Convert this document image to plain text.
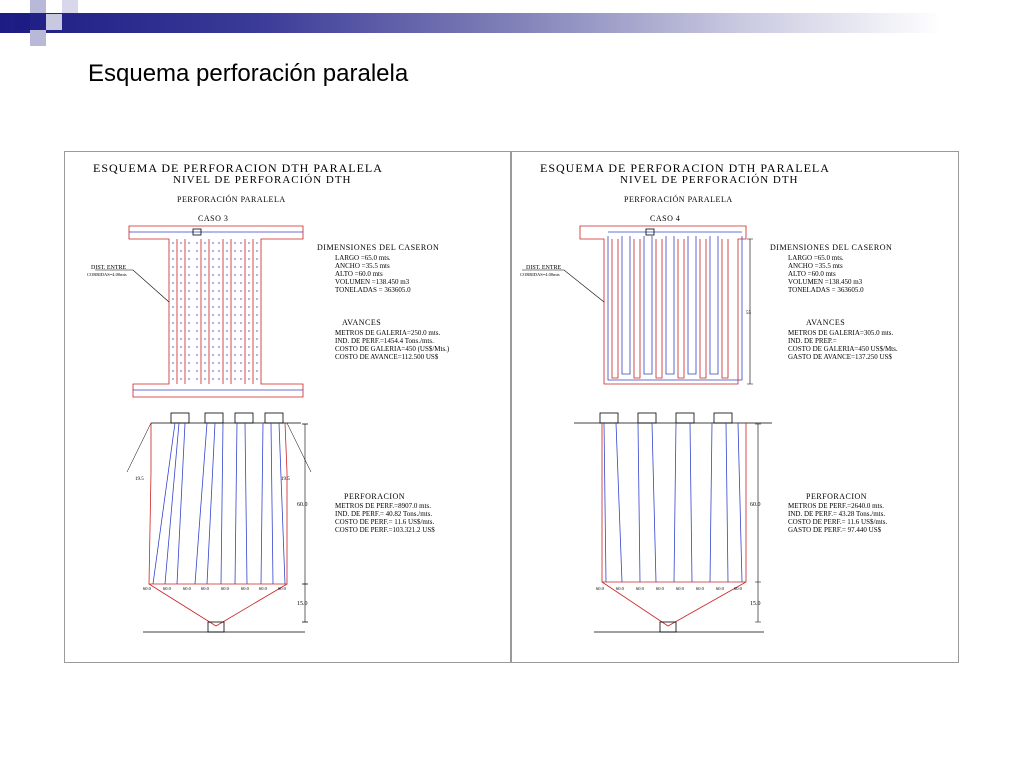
Esquema perforación paralela
ESQUEMA DE PERFORACION DTH PARALELA
NIVEL DE PERFORACIÓN DTH
PERFORACIÓN PARALELA
CASO 3
DIST. ENTRE
CORRIDAS=4.00mts
DIMENSIONES DEL CASERON
LARGO =65.0 mts.
ANCHO =35.5 mts
ALTO =60.0 mts
VOLUMEN =138.450 m3
TONELADAS = 363605.0
AVANCES
METROS DE GALERIA=250.0 mts.
IND. DE PERF.=1454.4 Tons./mts.
COSTO DE GALERIA=450 (US$/Mts.)
COSTO DE AVANCE=112.500 US$
60.0
15.0
19.5	19.5
60.0	60.0	60.0 60.0	60.0	60.0 60.0 60.0
PERFORACION
METROS DE PERF.=8907.0 mts.
IND. DE PERF.= 40.82 Tons./mts.
COSTO DE PERF.= 11.6 US$/mts.
COSTO DE PERF.=103.321.2 US$
ESQUEMA DE PERFORACION DTH PARALELA
NIVEL DE PERFORACIÓN DTH
PERFORACIÓN PARALELA
CASO 4
DIST. ENTRE
CORRIDAS=4.00mts
55
DIMENSIONES DEL CASERON
LARGO =65.0 mts.
ANCHO =35.5 mts
ALTO =60.0 mts
VOLUMEN =138.450 m3
TONELADAS = 363605.0
AVANCES
METROS DE GALERIA=305.0 mts.
IND. DE PREP.=
COSTO DE GALERIA=450 US$/Mts.
GASTO DE AVANCE=137.250 US$
60.0
15.0
60.0	60.0	60.0	60.0	60.0	60.0	60.0 60.0
PERFORACION
METROS DE PERF.=2640.0 mts.
IND. DE PERF.= 43.28 Tons./mts.
COSTO DE PERF.= 11.6 US$/mts.
GASTO DE PERF.= 97.440 US$
